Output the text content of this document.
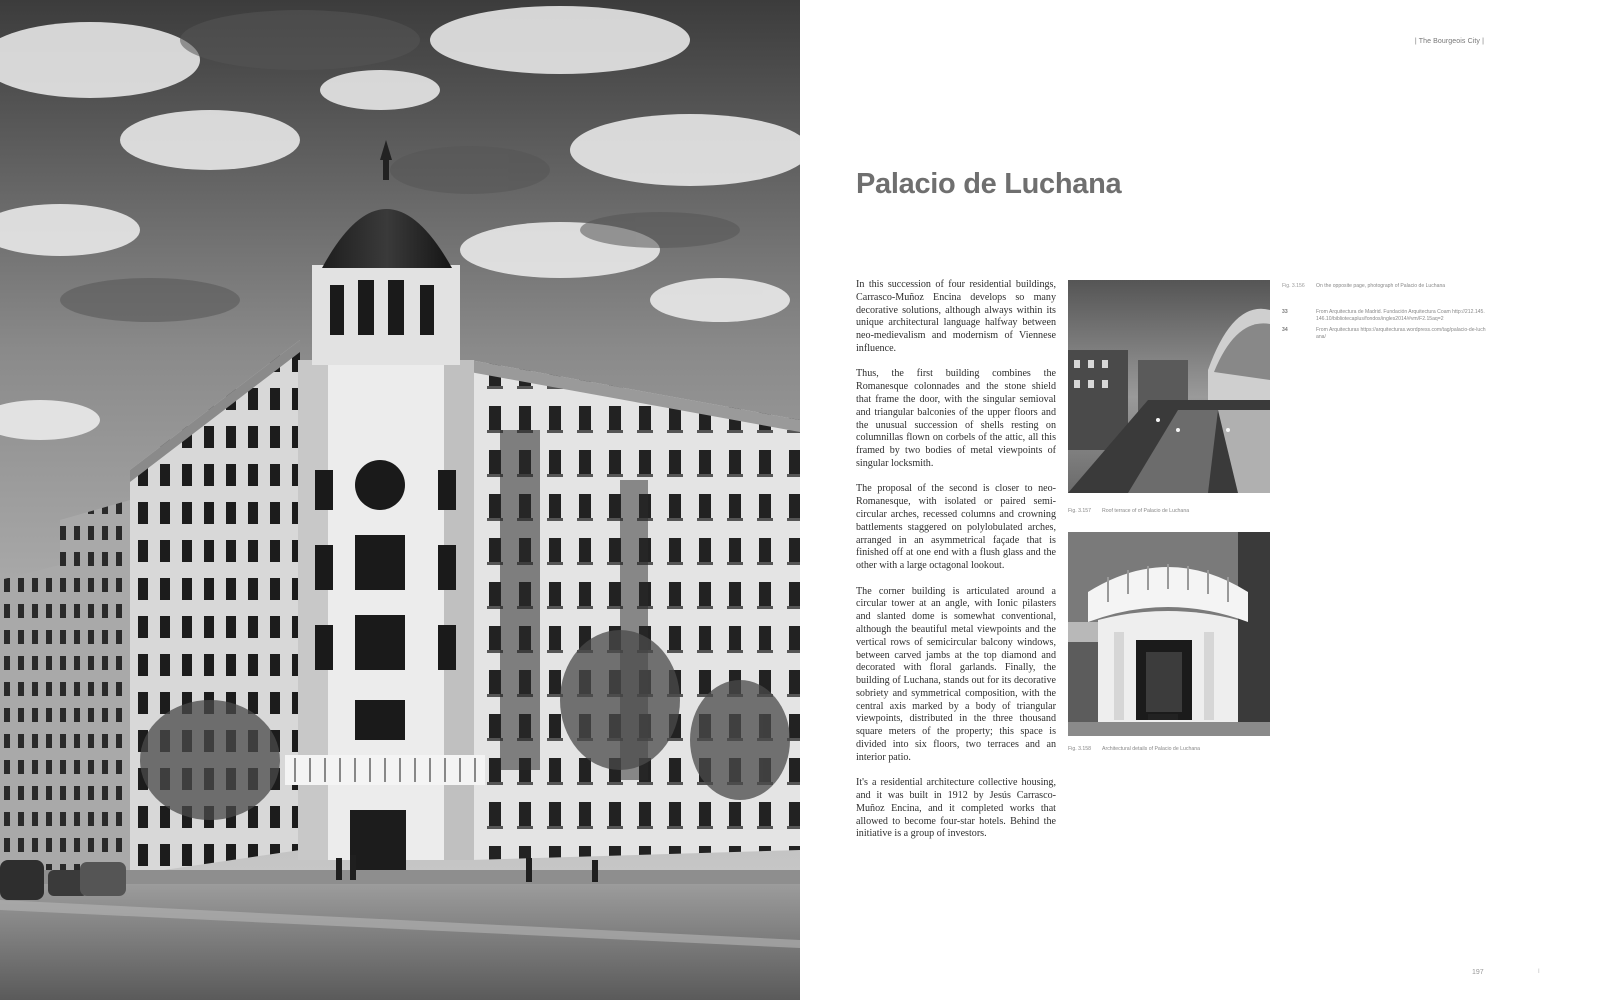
| The Bourgeois City |
Palacio de Luchana

In this succession of four residential buildings, Carrasco-Muñoz Encina develops so many decorative solutions, although always within its unique architectural language halfway between neo-medievalism and modernism of Viennese influence.

Thus, the first building combines the Romanesque colonnades and the stone shield that frame the door, with the singular semioval and triangular balconies of the upper floors and the unusual succession of shells resting on columnillas flown on corbels of the attic, all this framed by two bodies of metal viewpoints of singular locksmith.

The proposal of the second is closer to neo-Romanesque, with isolated or paired semi-circular arches, recessed columns and crowning battlements staggered on polylobulated arches, arranged in an asymmetrical façade that is finished off at one end with a flush glass and the other with a large octagonal lookout.

The corner building is articulated around a circular tower at an angle, with Ionic pilasters and slanted dome is somewhat conventional, although the beautiful metal viewpoints and the vertical rows of semicircular balcony windows, between carved jambs at the top diamond and decorated with floral garlands. Finally, the building of Luchana, stands out for its decorative sobriety and symmetrical composition, with the central axis marked by a body of triangular viewpoints, distributed in the three thousand square meters of the property; this space is divided into six floors, two terraces and an interior patio.

It's a residential architecture collective housing, and it was built in 1912 by Jesús Carrasco-Muñoz Encina, and it completed works that allowed to become four-star hotels. Behind the initiative is a group of investors.

Fig. 3.157 Roof terrace of of Palacio de Luchana
Fig. 3.158 Architectural details of Palacio de Luchana
Fig. 3.156	On the opposite page, photograph of Palacio de Luchana
33	From Arquitectura de Madrid. Fundación Arquitectura Coam http://212.145.146.10/bibliotecaplus/fondos/ingles2014/#vm/F2.15aq=2
34	From Arquitecturas https://arquitecturas.wordpress.com/tag/palacio-de-luchana/
197	I
